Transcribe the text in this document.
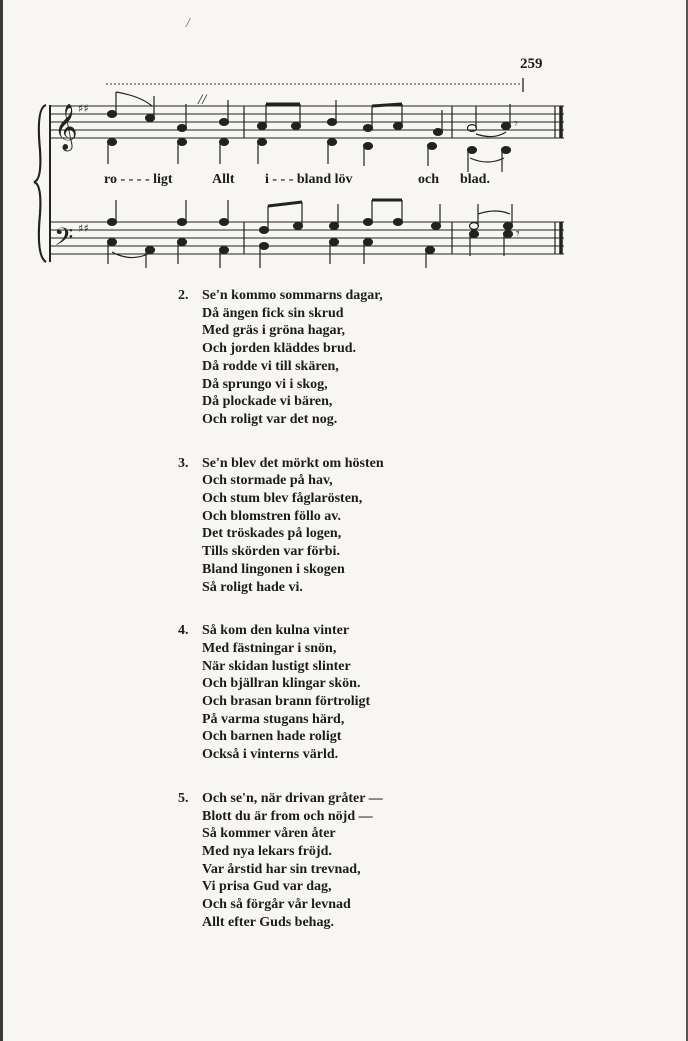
/
259
𝄞
𝄢
♯♯
♯♯
//
𝄾
𝄾
ro - - - - ligt	Allt i - - - bland löv	och blad.
2. Se'n kommo sommarns dagar,
Då ängen fick sin skrud
Med gräs i gröna hagar,
Och jorden kläddes brud.
Då rodde vi till skären,
Då sprungo vi i skog,
Då plockade vi bären,
Och roligt var det nog.
3. Se'n blev det mörkt om hösten
Och stormade på hav,
Och stum blev fåglarösten,
Och blomstren föllo av.
Det tröskades på logen,
Tills skörden var förbi.
Bland lingonen i skogen
Så roligt hade vi.
4. Så kom den kulna vinter
Med fästningar i snön,
När skidan lustigt slinter
Och bjällran klingar skön.
Och brasan brann förtroligt
På varma stugans härd,
Och barnen hade roligt
Också i vinterns värld.
5. Och se'n, när drivan gråter —
Blott du är from och nöjd —
Så kommer våren åter
Med nya lekars fröjd.
Var årstid har sin trevnad,
Vi prisa Gud var dag,
Och så förgår vår levnad
Allt efter Guds behag.
